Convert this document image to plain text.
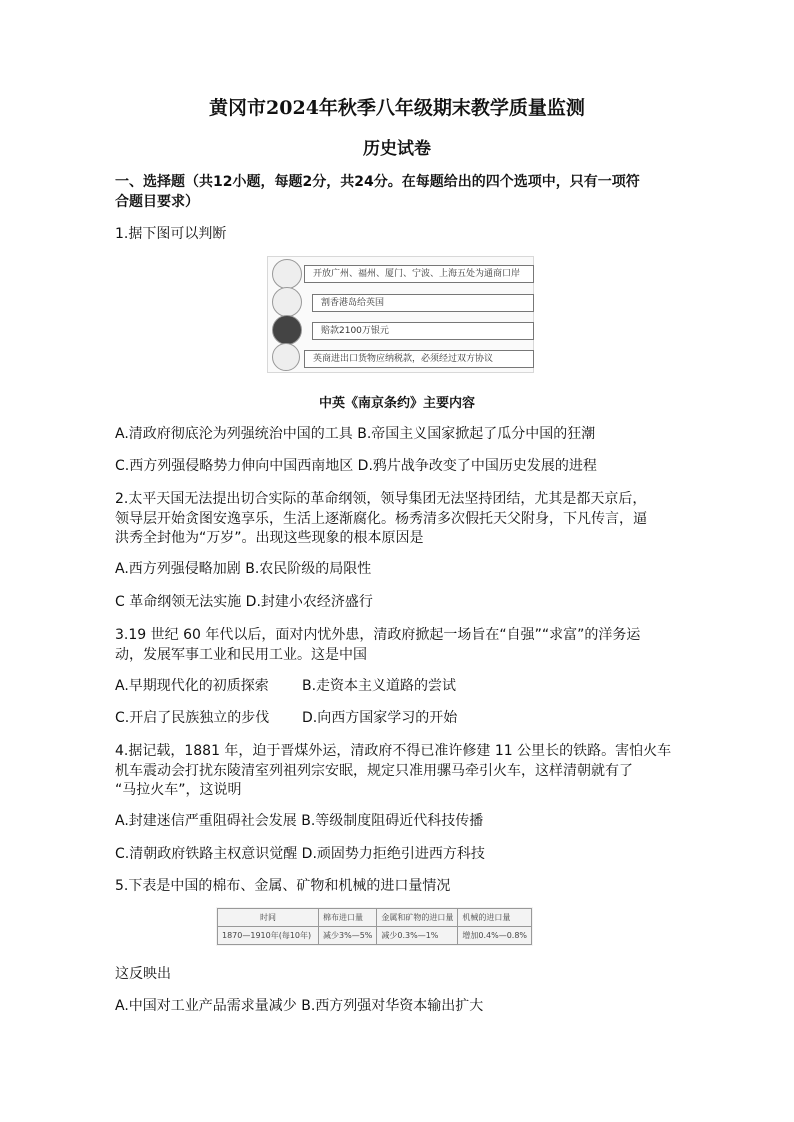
黄冈市2024年秋季八年级期末教学质量监测
历史试卷
一、选择题（共12小题，每题2分，共24分。在每题给出的四个选项中，只有一项符
合题目要求）
1.据下图可以判断
开放广州、福州、厦门、宁波、上海五处为通商口岸
割香港岛给英国
赔款2100万银元
英商进出口货物应纳税款，必须经过双方协议
中英《南京条约》主要内容
A.清政府彻底沦为列强统治中国的工具 B.帝国主义国家掀起了瓜分中国的狂潮
C.西方列强侵略势力伸向中国西南地区 D.鸦片战争改变了中国历史发展的进程
2.太平天国无法提出切合实际的革命纲领，领导集团无法坚持团结，尤其是都天京后，
领导层开始贪图安逸享乐，生活上逐渐腐化。杨秀清多次假托天父附身，下凡传言，逼
洪秀全封他为“万岁”。出现这些现象的根本原因是
A.西方列强侵略加剧 B.农民阶级的局限性
C 革命纲领无法实施 D.封建小农经济盛行
3.19 世纪 60 年代以后，面对内忧外患，清政府掀起一场旨在“自强”“求富”的洋务运
动，发展军事工业和民用工业。这是中国
A.早期现代化的初质探索 B.走资本主义道路的尝试
C.开启了民族独立的步伐 D.向西方国家学习的开始
4.据记载，1881 年，迫于晋煤外运，清政府不得已准许修建 11 公里长的铁路。害怕火车
机车震动会打扰东陵清室列祖列宗安眠，规定只准用骡马牵引火车，这样清朝就有了
“马拉火车”，这说明
A.封建迷信严重阻碍社会发展 B.等级制度阻碍近代科技传播
C.清朝政府铁路主权意识觉醒 D.顽固势力拒绝引进西方科技
5.下表是中国的棉布、金属、矿物和机械的进口量情况
时间	棉布进口量	金属和矿物的进口量	机械的进口量
1870—1910年(每10年)	减少3%—5%	减少0.3%—1%	增加0.4%—0.8%
这反映出
A.中国对工业产品需求量减少 B.西方列强对华资本输出扩大
